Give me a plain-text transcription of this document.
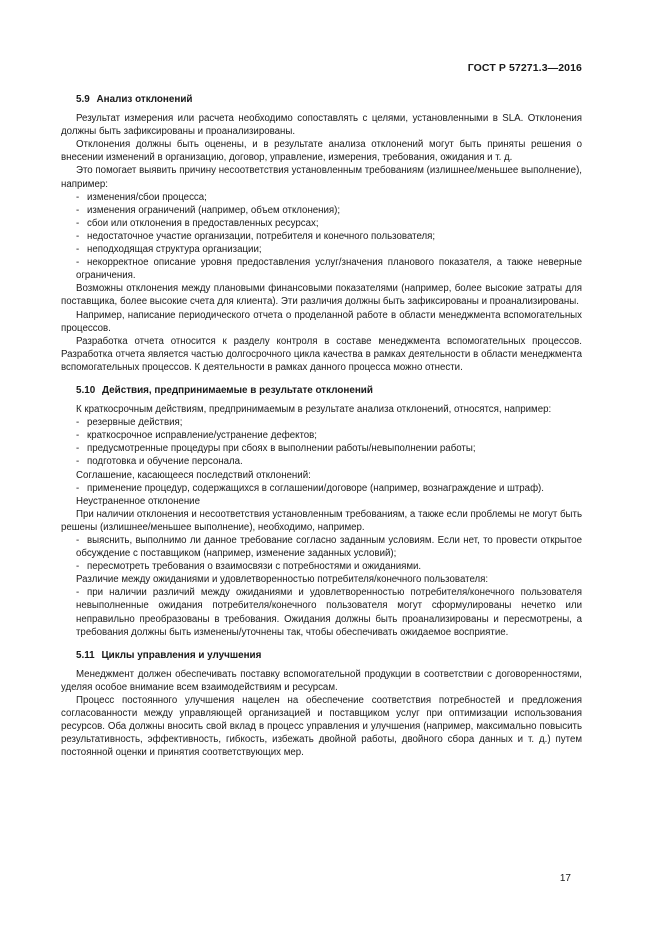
ГОСТ Р 57271.3—2016
5.9 Анализ отклонений

Результат измерения или расчета необходимо сопоставлять с целями, установленными в SLA. Отклонения должны быть зафиксированы и проанализированы.

Отклонения должны быть оценены, и в результате анализа отклонений могут быть приняты решения о внесении изменений в организацию, договор, управление, измерения, требования, ожидания и т. д.

Это помогает выявить причину несоответствия установленным требованиям (излишнее/меньшее выполнение), например:

- изменения/сбои процесса;

- изменения ограничений (например, объем отклонения);

- сбои или отклонения в предоставленных ресурсах;

- недостаточное участие организации, потребителя и конечного пользователя;

- неподходящая структура организации;

- некорректное описание уровня предоставления услуг/значения планового показателя, а также неверные ограничения.

Возможны отклонения между плановыми финансовыми показателями (например, более высокие затраты для поставщика, более высокие счета для клиента). Эти различия должны быть зафиксированы и проанализированы.

Например, написание периодического отчета о проделанной работе в области менеджмента вспомогательных процессов.

Разработка отчета относится к разделу контроля в составе менеджмента вспомогательных процессов. Разработка отчета является частью долгосрочного цикла качества в рамках деятельности в области менеджмента вспомогательных процессов. К деятельности в рамках данного процесса можно отнести.

5.10 Действия, предпринимаемые в результате отклонений

К краткосрочным действиям, предпринимаемым в результате анализа отклонений, относятся, например:

- резервные действия;

- краткосрочное исправление/устранение дефектов;

- предусмотренные процедуры при сбоях в выполнении работы/невыполнении работы;

- подготовка и обучение персонала.

Соглашение, касающееся последствий отклонений:

- применение процедур, содержащихся в соглашении/договоре (например, вознаграждение и штраф).

Неустраненное отклонение

При наличии отклонения и несоответствия установленным требованиям, а также если проблемы не могут быть решены (излишнее/меньшее выполнение), необходимо, например.

- выяснить, выполнимо ли данное требование согласно заданным условиям. Если нет, то провести открытое обсуждение с поставщиком (например, изменение заданных условий);

- пересмотреть требования о взаимосвязи с потребностями и ожиданиями.

Различие между ожиданиями и удовлетворенностью потребителя/конечного пользователя:

- при наличии различий между ожиданиями и удовлетворенностью потребителя/конечного пользователя невыполненные ожидания потребителя/конечного пользователя могут сформулированы нечетко или неправильно преобразованы в требования. Ожидания должны быть проанализированы и пересмотрены, а требования должны быть изменены/уточнены так, чтобы обеспечивать ожидаемое восприятие.

5.11 Циклы управления и улучшения

Менеджмент должен обеспечивать поставку вспомогательной продукции в соответствии с договоренностями, уделяя особое внимание всем взаимодействиям и ресурсам.

Процесс постоянного улучшения нацелен на обеспечение соответствия потребностей и предложения согласованности между управляющей организацией и поставщиком услуг при оптимизации использования ресурсов. Оба должны вносить свой вклад в процесс управления и улучшения (например, максимально повысить результативность, эффективность, гибкость, избежать двойной работы, двойного сбора данных и т. д.) путем постоянной оценки и принятия соответствующих мер.

17
